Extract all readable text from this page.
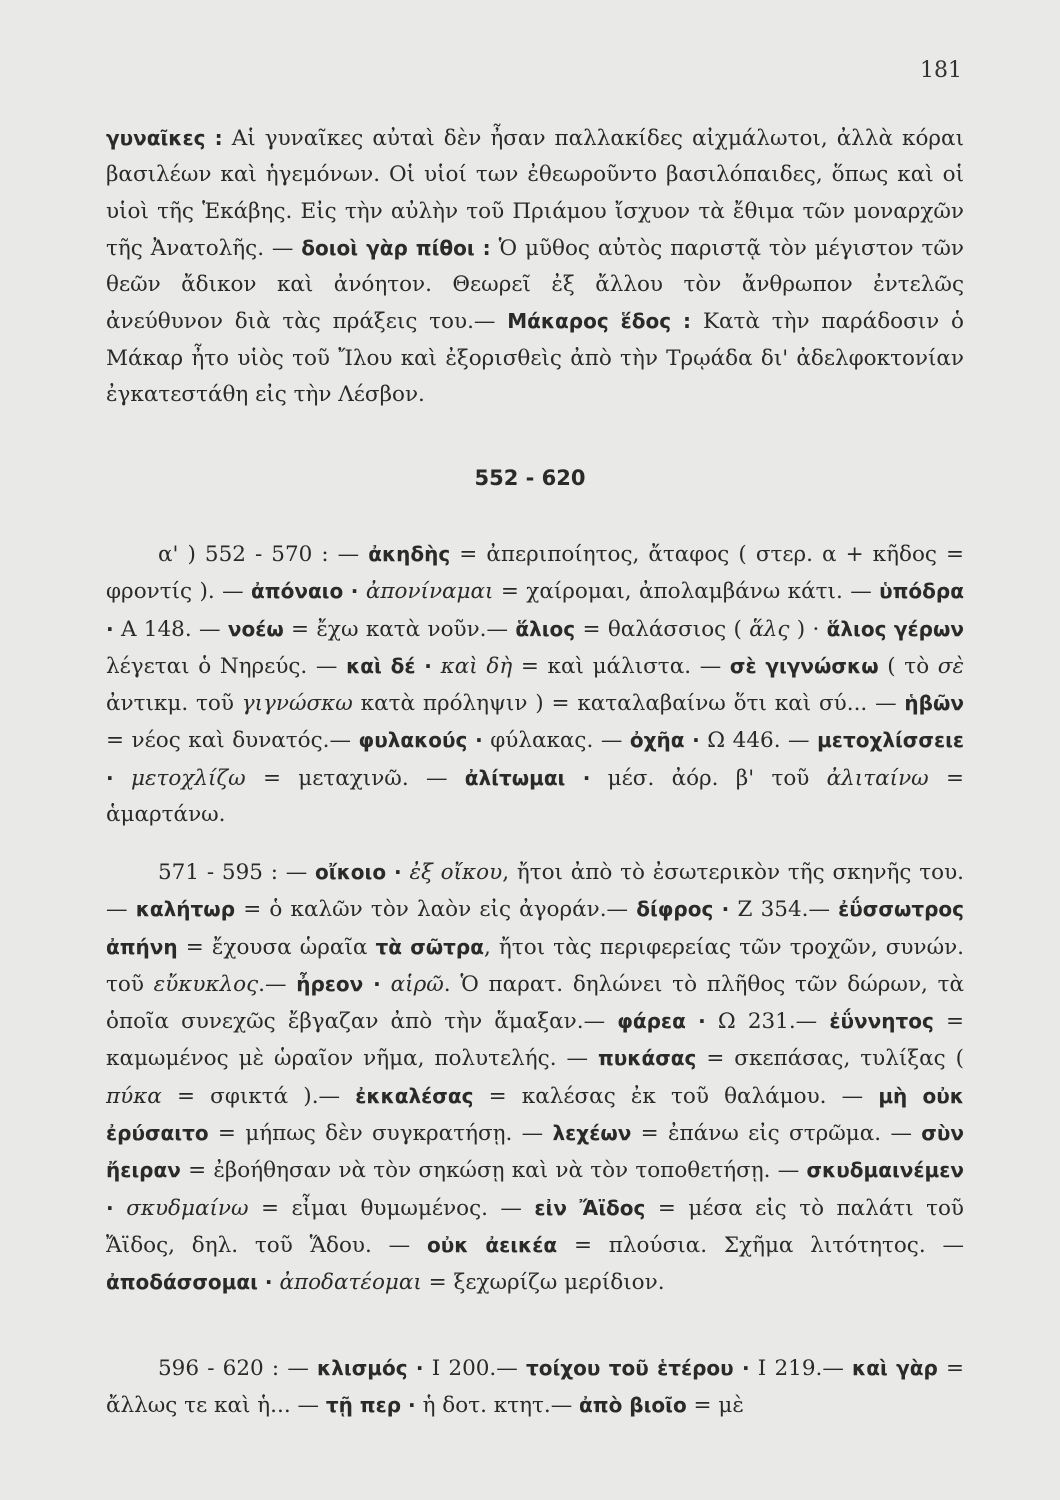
181

γυναῖκες : Αἱ γυναῖκες αὐταὶ δὲν ἦσαν παλλακίδες αἰχμάλωτοι, ἀλλὰ κόραι βασιλέων καὶ ἡγεμόνων. Οἱ υἱοί των ἐθεωροῦντο βασιλόπαιδες, ὅπως καὶ οἱ υἱοὶ τῆς Ἑκάβης. Εἰς τὴν αὐλὴν τοῦ Πριάμου ἴσχυον τὰ ἔθιμα τῶν μοναρχῶν τῆς Ἀνατολῆς. — δοιοὶ γὰρ πίθοι : Ὁ μῦθος αὐτὸς παριστᾷ τὸν μέγιστον τῶν θεῶν ἄδικον καὶ ἀνόητον. Θεωρεῖ ἐξ ἄλλου τὸν ἄνθρωπον ἐντελῶς ἀνεύθυνον διὰ τὰς πράξεις του.— Μάκαρος ἕδος : Κατὰ τὴν παράδοσιν ὁ Μάκαρ ἦτο υἱὸς τοῦ Ἴλου καὶ ἐξορισθεὶς ἀπὸ τὴν Τρῳάδα δι' ἀδελφοκτονίαν ἐγκατεστάθη εἰς τὴν Λέσβον.

552 - 620

α' ) 552 - 570 : — ἀκηδὴς = ἀπεριποίητος, ἄταφος ( στερ. α + κῆδος = φροντίς ). — ἀπόναιο · ἀπονίναμαι = χαίρομαι, ἀπολαμβάνω κάτι. — ὑπόδρα · Α 148. — νοέω = ἔχω κατὰ νοῦν.— ἅλιος = θαλάσσιος ( ἅλς ) · ἅλιος γέρων λέγεται ὁ Νηρεύς. — καὶ δέ · καὶ δὴ = καὶ μάλιστα. — σὲ γιγνώσκω ( τὸ σὲ ἀντικμ. τοῦ γιγνώσκω κατὰ πρόληψιν ) = καταλαβαίνω ὅτι καὶ σύ... — ἡβῶν = νέος καὶ δυνατός.— φυλακούς · φύλακας. — ὀχῆα · Ω 446. — μετοχλίσσειε · μετοχλίζω = μεταχινῶ. — ἀλίτωμαι · μέσ. ἀόρ. β' τοῦ ἀλιταίνω = ἁμαρτάνω.

571 - 595 : — οἴκοιο · ἐξ οἴκου, ἤτοι ἀπὸ τὸ ἐσωτερικὸν τῆς σκηνῆς του.— καλήτωρ = ὁ καλῶν τὸν λαὸν εἰς ἀγοράν.— δίφρος · Ζ 354.— ἐΰσσωτρος ἀπήνη = ἔχουσα ὡραῖα τὰ σῶτρα, ἤτοι τὰς περιφερείας τῶν τροχῶν, συνών. τοῦ εὔκυκλος.— ἦρεον · αἱρῶ. Ὁ παρατ. δηλώνει τὸ πλῆθος τῶν δώρων, τὰ ὁποῖα συνεχῶς ἔβγαζαν ἀπὸ τὴν ἅμαξαν.— φάρεα · Ω 231.— ἐΰννητος = καμωμένος μὲ ὡραῖον νῆμα, πολυτελής. — πυκάσας = σκεπάσας, τυλίξας ( πύκα = σφικτά ).— ἐκκαλέσας = καλέσας ἐκ τοῦ θαλάμου. — μὴ οὐκ ἐρύσαιτο = μήπως δὲν συγκρατήσῃ. — λεχέων = ἐπάνω εἰς στρῶμα. — σὺν ἤειραν = ἐβοήθησαν νὰ τὸν σηκώσῃ καὶ νὰ τὸν τοποθετήσῃ. — σκυδμαινέμεν · σκυδμαίνω = εἶμαι θυμωμένος. — εἰν Ἄϊδος = μέσα εἰς τὸ παλάτι τοῦ Ἄϊδος, δηλ. τοῦ Ἅδου. — οὐκ ἀεικέα = πλούσια. Σχῆμα λιτότητος. — ἀποδάσσομαι · ἀποδατέομαι = ξεχωρίζω μερίδιον.

596 - 620 : — κλισμός · Ι 200.— τοίχου τοῦ ἑτέρου · Ι 219.— καὶ γὰρ = ἄλλως τε καὶ ἡ... — τῇ περ · ἡ δοτ. κτητ.— ἀπὸ βιοῖο = μὲ
